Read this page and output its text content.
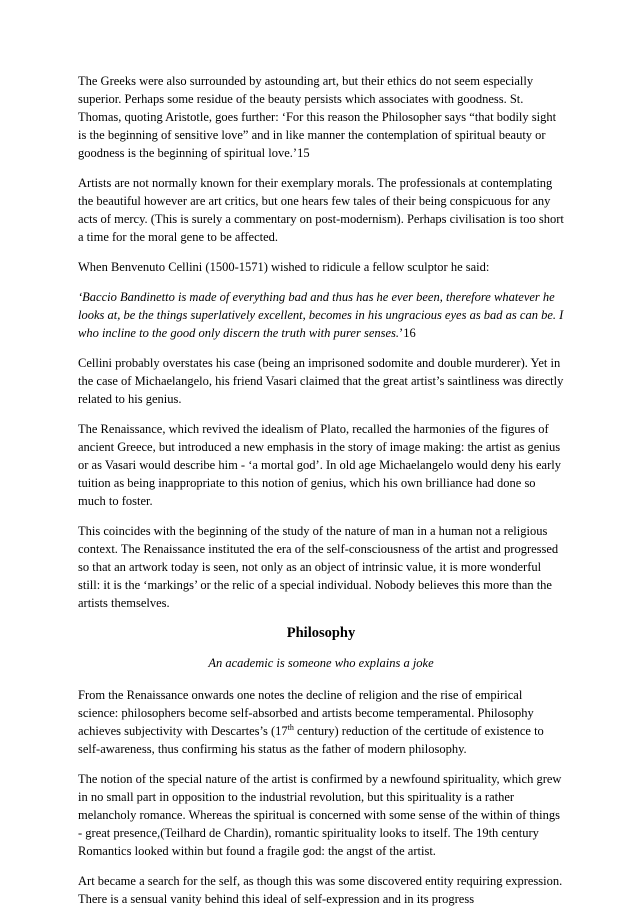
The Greeks were also surrounded by astounding art, but their ethics do not seem especially superior. Perhaps some residue of the beauty persists which associates with goodness. St. Thomas, quoting Aristotle, goes further: ‘For this reason the Philosopher says “that bodily sight is the beginning of sensitive love” and in like manner the contemplation of spiritual beauty or goodness is the beginning of spiritual love.’15

Artists are not normally known for their exemplary morals. The professionals at contemplating the beautiful however are art critics, but one hears few tales of their being conspicuous for any acts of mercy. (This is surely a commentary on post-modernism). Perhaps civilisation is too short a time for the moral gene to be affected.

When Benvenuto Cellini (1500-1571) wished to ridicule a fellow sculptor he said:

‘Baccio Bandinetto is made of everything bad and thus has he ever been, therefore whatever he looks at, be the things superlatively excellent, becomes in his ungracious eyes as bad as can be. I who incline to the good only discern the truth with purer senses.’16

Cellini probably overstates his case (being an imprisoned sodomite and double murderer). Yet in the case of Michaelangelo, his friend Vasari claimed that the great artist’s saintliness was directly related to his genius.

The Renaissance, which revived the idealism of Plato, recalled the harmonies of the figures of ancient Greece, but introduced a new emphasis in the story of image making: the artist as genius or as Vasari would describe him - ‘a mortal god’. In old age Michaelangelo would deny his early tuition as being inappropriate to this notion of genius, which his own brilliance had done so much to foster.

This coincides with the beginning of the study of the nature of man in a human not a religious context. The Renaissance instituted the era of the self-consciousness of the artist and progressed so that an artwork today is seen, not only as an object of intrinsic value, it is more wonderful still: it is the ‘markings’ or the relic of a special individual. Nobody believes this more than the artists themselves.

Philosophy
An academic is someone who explains a joke

From the Renaissance onwards one notes the decline of religion and the rise of empirical science: philosophers become self-absorbed and artists become temperamental. Philosophy achieves subjectivity with Descartes’s (17th century) reduction of the certitude of existence to self-awareness, thus confirming his status as the father of modern philosophy.

The notion of the special nature of the artist is confirmed by a newfound spirituality, which grew in no small part in opposition to the industrial revolution, but this spirituality is a rather melancholy romance. Whereas the spiritual is concerned with some sense of the within of things - great presence,(Teilhard de Chardin), romantic spirituality looks to itself. The 19th century Romantics looked within but found a fragile god: the angst of the artist.

Art became a search for the self, as though this was some discovered entity requiring expression. There is a sensual vanity behind this ideal of self-expression and in its progress
